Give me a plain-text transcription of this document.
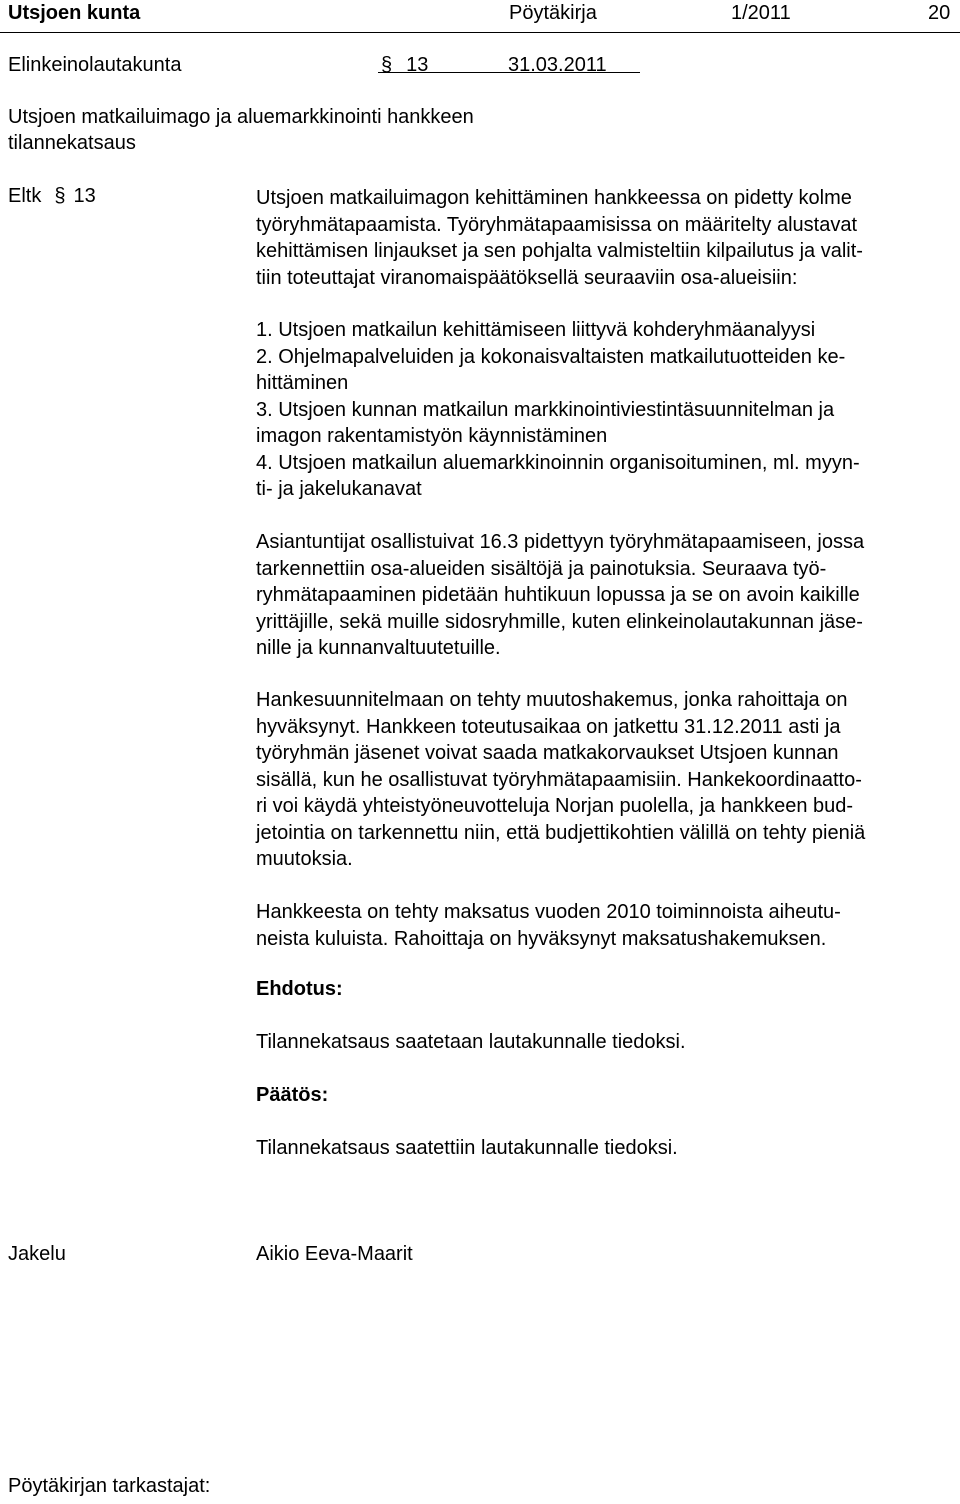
Utsjoen kunta	Pöytäkirja	1/2011	20
Elinkeinolautakunta	§ 13	31.03.2011
Utsjoen matkailuimago ja aluemarkkinointi hankkeen
tilannekatsaus
Eltk § 13	Utsjoen matkailuimagon kehittäminen hankkeessa on pidetty kolme
työryhmätapaamista. Työryhmätapaamisissa on määritelty alustavat
kehittämisen linjaukset ja sen pohjalta valmisteltiin kilpailutus ja valit-
tiin toteuttajat viranomaispäätöksellä seuraaviin osa-alueisiin:
1. Utsjoen matkailun kehittämiseen liittyvä kohderyhmäanalyysi
2. Ohjelmapalveluiden ja kokonaisvaltaisten matkailutuotteiden ke-
hittäminen
3. Utsjoen kunnan matkailun markkinointiviestintäsuunnitelman ja
imagon rakentamistyön käynnistäminen
4. Utsjoen matkailun aluemarkkinoinnin organisoituminen, ml. myyn-
ti- ja jakelukanavat
Asiantuntijat osallistuivat 16.3 pidettyyn työryhmätapaamiseen, jossa
tarkennettiin osa-alueiden sisältöjä ja painotuksia. Seuraava työ-
ryhmätapaaminen pidetään huhtikuun lopussa ja se on avoin kaikille
yrittäjille, sekä muille sidosryhmille, kuten elinkeinolautakunnan jäse-
nille ja kunnanvaltuutetuille.
Hankesuunnitelmaan on tehty muutoshakemus, jonka rahoittaja on
hyväksynyt. Hankkeen toteutusaikaa on jatkettu 31.12.2011 asti ja
työryhmän jäsenet voivat saada matkakorvaukset Utsjoen kunnan
sisällä, kun he osallistuvat työryhmätapaamisiin. Hankekoordinaatto-
ri voi käydä yhteistyöneuvotteluja Norjan puolella, ja hankkeen bud-
jetointia on tarkennettu niin, että budjettikohtien välillä on tehty pieniä
muutoksia.
Hankkeesta on tehty maksatus vuoden 2010 toiminnoista aiheutu-
neista kuluista. Rahoittaja on hyväksynyt maksatushakemuksen.
Ehdotus:
Tilannekatsaus saatetaan lautakunnalle tiedoksi.
Päätös:
Tilannekatsaus saatettiin lautakunnalle tiedoksi.
Jakelu	Aikio Eeva-Maarit
Pöytäkirjan tarkastajat:
